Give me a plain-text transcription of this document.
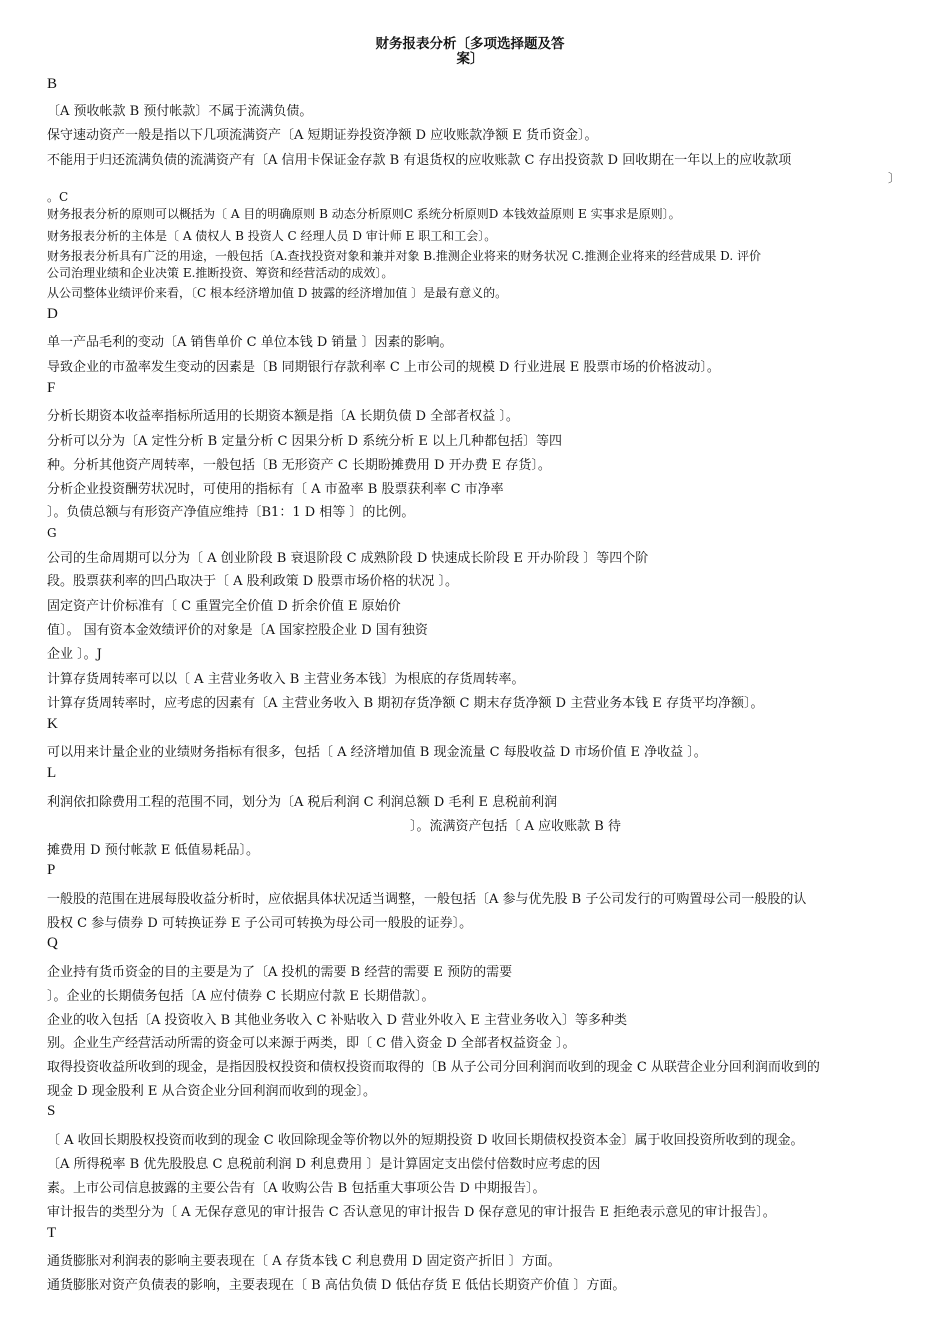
财务报表分析〔多项选择题及答
案〕
B
〔A 预收帐款 B 预付帐款〕不属于流满负债。
保守速动资产一般是指以下几项流满资产〔A 短期证券投资净额 D 应收账款净额 E 货币资金〕。
不能用于归还流满负债的流满资产有〔A 信用卡保证金存款 B 有退货权的应收账款 C 存出投资款 D 回收期在一年以上的应收款项
〕
。C
财务报表分析的原则可以概括为〔 A 目的明确原则 B 动态分析原则C 系统分析原则D 本钱效益原则 E 实事求是原则〕。
财务报表分析的主体是〔 A 债权人 B 投资人 C 经理人员 D 审计师 E 职工和工会〕。
财务报表分析具有广泛的用途，一般包括〔A.查找投资对象和兼并对象 B.推测企业将来的财务状况 C.推测企业将来的经营成果 D. 评价
公司治理业绩和企业决策 E.推断投资、筹资和经营活动的成效〕。
从公司整体业绩评价来看，〔C 根本经济增加值 D 披露的经济增加值 〕是最有意义的。
D
单一产品毛利的变动〔A 销售单价 C 单位本钱 D 销量 〕因素的影响。
导致企业的市盈率发生变动的因素是〔B 同期银行存款利率 C 上市公司的规模 D 行业进展 E 股票市场的价格波动〕。
F
分析长期资本收益率指标所适用的长期资本额是指〔A 长期负债 D 全部者权益 〕。
分析可以分为〔A 定性分析 B 定量分析 C 因果分析 D 系统分析 E 以上几种都包括〕等四
种。分析其他资产周转率，一般包括〔B 无形资产 C 长期盼摊费用 D 开办费 E 存货〕。
分析企业投资酬劳状况时，可使用的指标有〔 A 市盈率 B 股票获利率 C 市净率
〕。负债总额与有形资产净值应维持〔B1：1 D 相等 〕的比例。
G
公司的生命周期可以分为〔 A 创业阶段 B 衰退阶段 C 成熟阶段 D 快速成长阶段 E 开办阶段 〕等四个阶
段。股票获利率的凹凸取决于〔 A 股利政策 D 股票市场价格的状况 〕。
固定资产计价标准有〔 C 重置完全价值 D 折余价值 E 原始价
值〕。 国有资本金效绩评价的对象是〔A 国家控股企业 D 国有独资
企业 〕。J
计算存货周转率可以以〔 A 主营业务收入 B 主营业务本钱〕为根底的存货周转率。
计算存货周转率时，应考虑的因素有〔A 主营业务收入 B 期初存货净额 C 期末存货净额 D 主营业务本钱 E 存货平均净额〕。
K
可以用来计量企业的业绩财务指标有很多，包括〔 A 经济增加值 B 现金流量 C 每股收益 D 市场价值 E 净收益 〕。
L
利润依扣除费用工程的范围不同，划分为〔A 税后利润 C 利润总额 D 毛利 E 息税前利润
〕。流满资产包括〔 A 应收账款 B 待
摊费用 D 预付帐款 E 低值易耗品〕。
P
一般股的范围在进展每股收益分析时，应依据具体状况适当调整，一般包括〔A 参与优先股 B 子公司发行的可购置母公司一般股的认
股权 C 参与债券 D 可转换证券 E 子公司可转换为母公司一般股的证券〕。
Q
企业持有货币资金的目的主要是为了〔A 投机的需要 B 经营的需要 E 预防的需要
〕。企业的长期债务包括〔A 应付债券 C 长期应付款 E 长期借款〕。
企业的收入包括〔A 投资收入 B 其他业务收入 C 补贴收入 D 营业外收入 E 主营业务收入〕等多种类
别。企业生产经营活动所需的资金可以来源于两类，即〔 C 借入资金 D 全部者权益资金 〕。
取得投资收益所收到的现金，是指因股权投资和债权投资而取得的〔B 从子公司分回利润而收到的现金 C 从联营企业分回利润而收到的
现金 D 现金股利 E 从合资企业分回利润而收到的现金〕。
S
〔 A 收回长期股权投资而收到的现金 C 收回除现金等价物以外的短期投资 D 收回长期债权投资本金〕属于收回投资所收到的现金。
〔A 所得税率 B 优先股股息 C 息税前利润 D 利息费用 〕是计算固定支出偿付倍数时应考虑的因
素。上市公司信息披露的主要公告有〔A 收购公告 B 包括重大事项公告 D 中期报告〕。
审计报告的类型分为〔 A 无保存意见的审计报告 C 否认意见的审计报告 D 保存意见的审计报告 E 拒绝表示意见的审计报告〕。
T
通货膨胀对利润表的影响主要表现在〔 A 存货本钱 C 利息费用 D 固定资产折旧 〕方面。
通货膨胀对资产负债表的影响，主要表现在〔 B 高估负债 D 低估存货 E 低估长期资产价值 〕方面。
